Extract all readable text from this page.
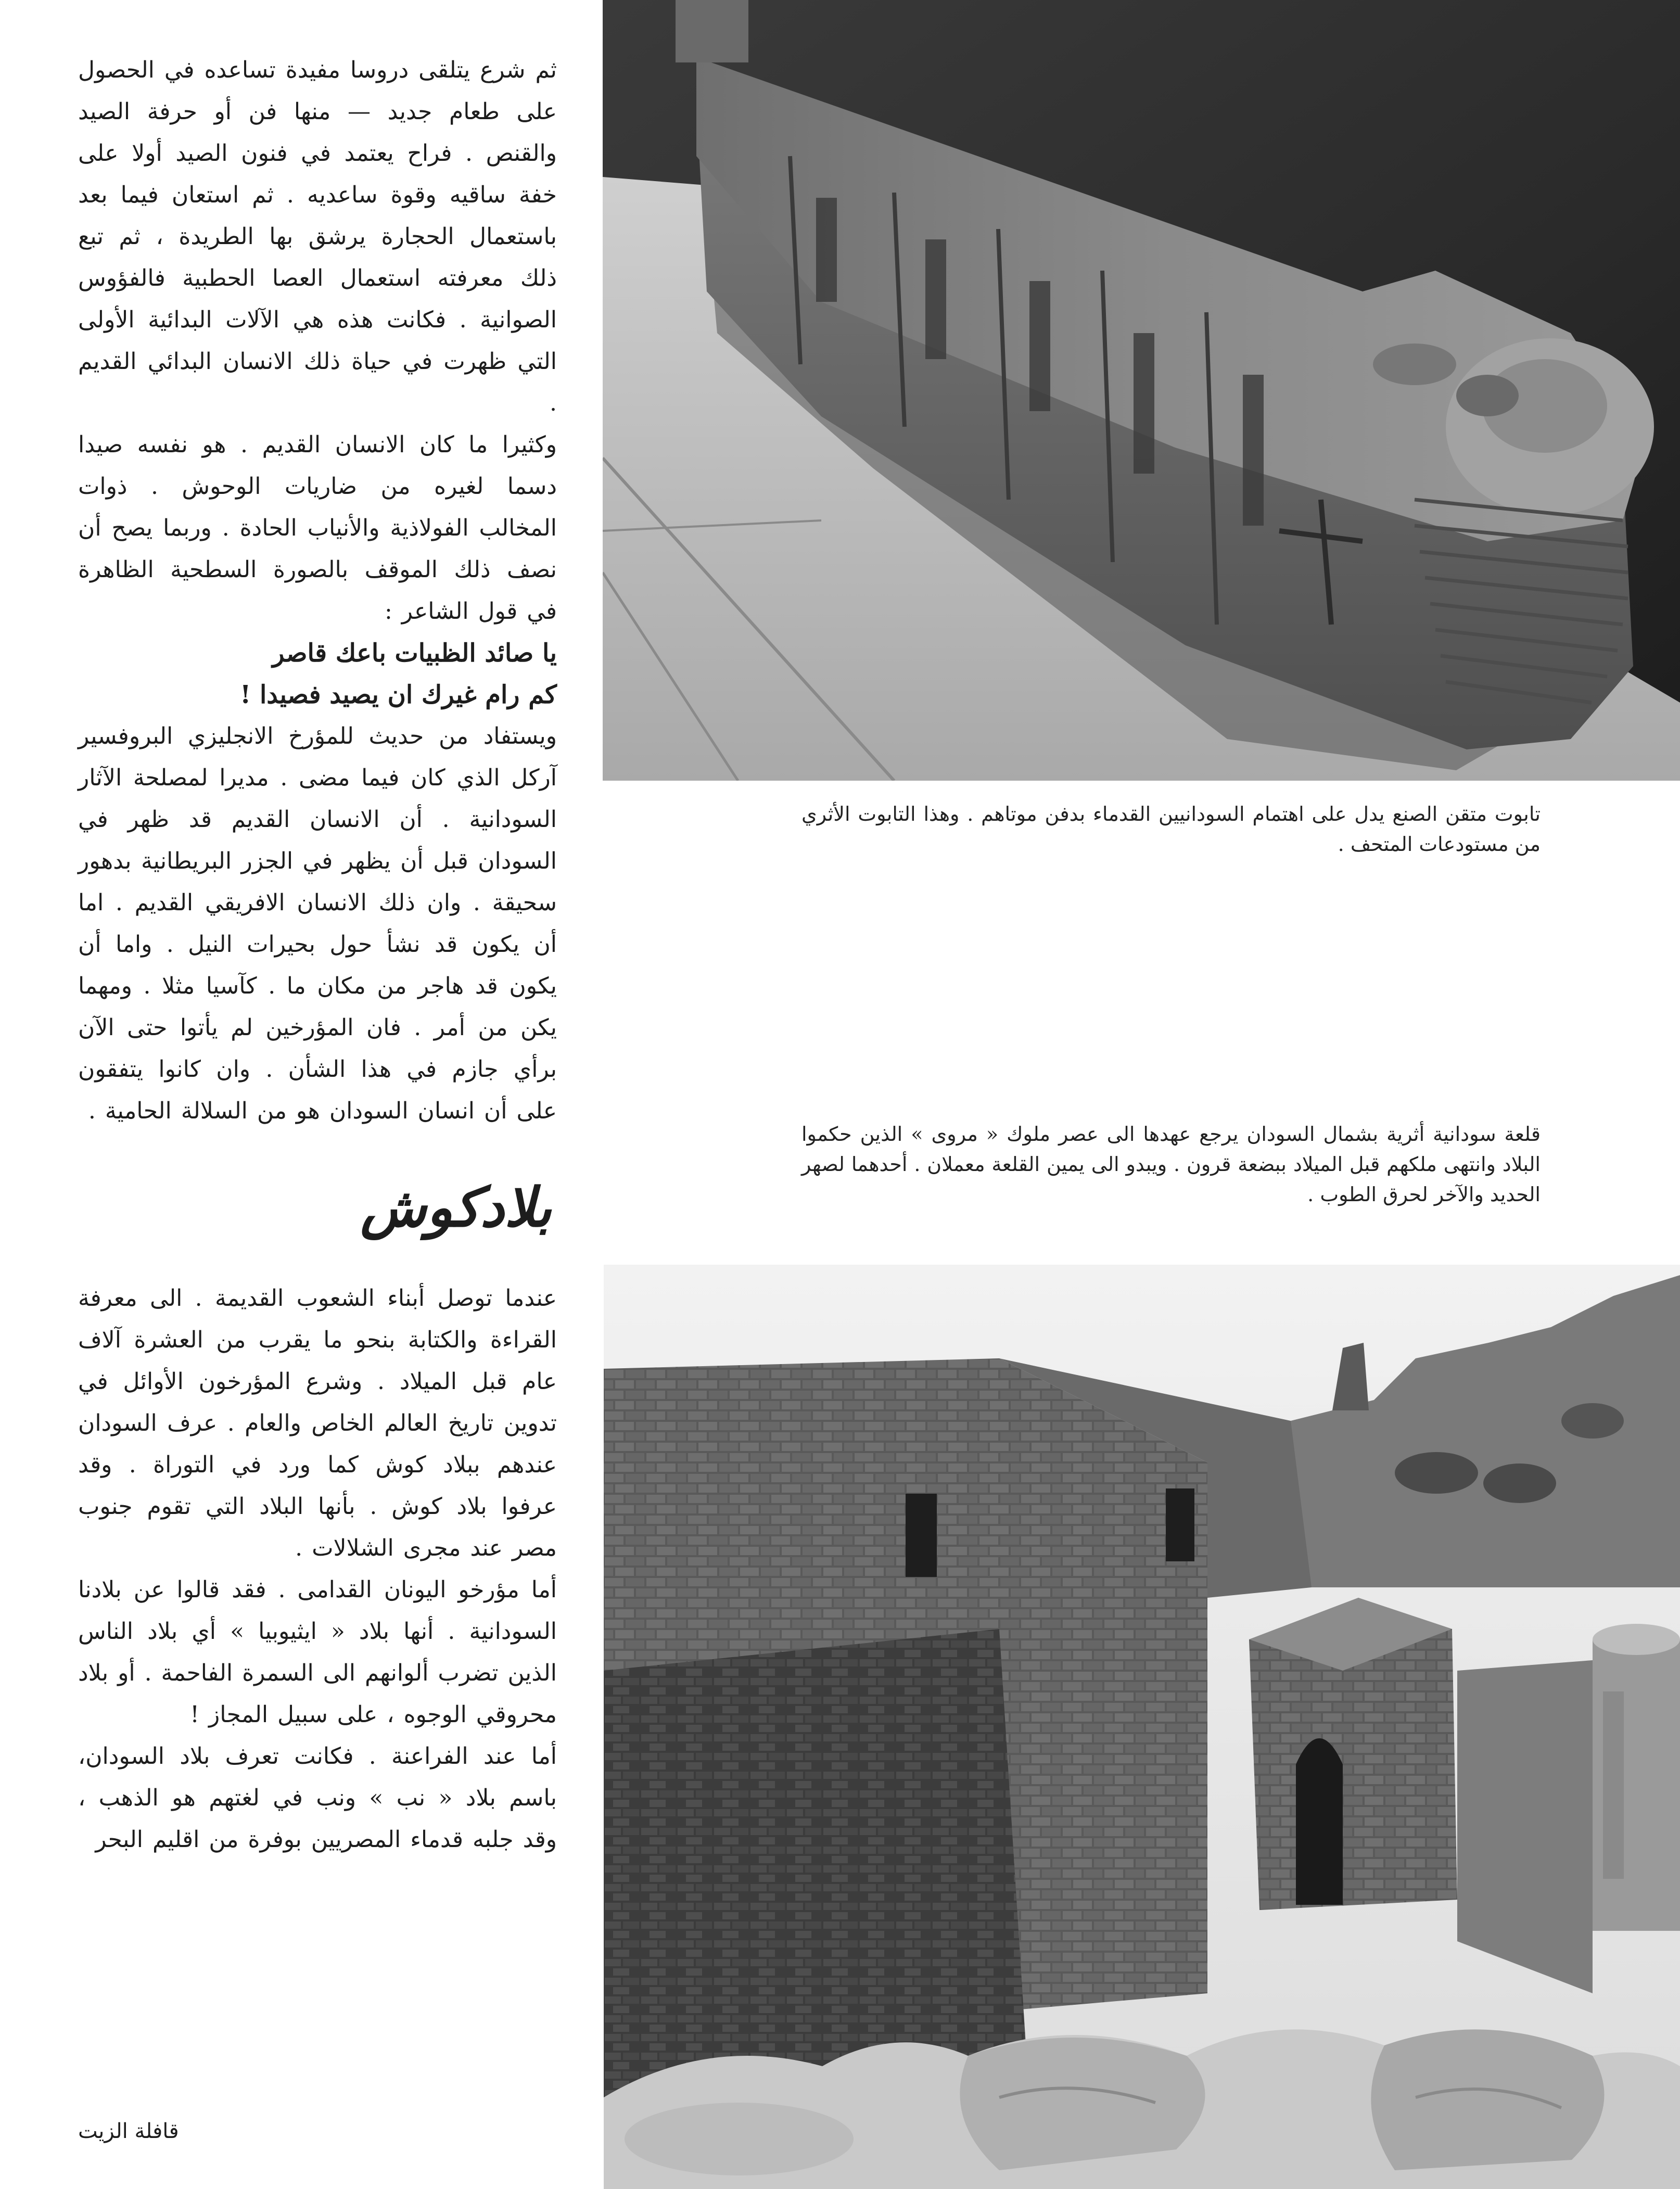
ثم شرع يتلقى دروسا مفيدة تساعده في الحصول على طعام جديد — منها فن أو حرفة الصيد والقنص . فراح يعتمد في فنون الصيد أولا على خفة ساقيه وقوة ساعديه . ثم استعان فيما بعد باستعمال الحجارة يرشق بها الطريدة ، ثم تبع ذلك معرفته استعمال العصا الحطبية فالفؤوس الصوانية . فكانت هذه هي الآلات البدائية الأولى التي ظهرت في حياة ذلك الانسان البدائي القديم .

وكثيرا ما كان الانسان القديم . هو نفسه صيدا دسما لغيره من ضاريات الوحوش . ذوات المخالب الفولاذية والأنياب الحادة . وربما يصح أن نصف ذلك الموقف بالصورة السطحية الظاهرة في قول الشاعر :

يا صائد الظبيات باعك قاصر

كم رام غيرك ان يصيد فصيدا !

ويستفاد من حديث للمؤرخ الانجليزي البروفسير آركل الذي كان فيما مضى . مديرا لمصلحة الآثار السودانية . أن الانسان القديم قد ظهر في السودان قبل أن يظهر في الجزر البريطانية بدهور سحيقة . وان ذلك الانسان الافريقي القديم . اما أن يكون قد نشأ حول بحيرات النيل . واما أن يكون قد هاجر من مكان ما . كآسيا مثلا . ومهما يكن من أمر . فان المؤرخين لم يأتوا حتى الآن برأي جازم في هذا الشأن . وان كانوا يتفقون على أن انسان السودان هو من السلالة الحامية .

بلادكوش

عندما توصل أبناء الشعوب القديمة . الى معرفة القراءة والكتابة بنحو ما يقرب من العشرة آلاف عام قبل الميلاد . وشرع المؤرخون الأوائل في تدوين تاريخ العالم الخاص والعام . عرف السودان عندهم ببلاد كوش كما ورد في التوراة . وقد عرفوا بلاد كوش . بأنها البلاد التي تقوم جنوب مصر عند مجرى الشلالات .

أما مؤرخو اليونان القدامى . فقد قالوا عن بلادنا السودانية . أنها بلاد « ايثيوبيا » أي بلاد الناس الذين تضرب ألوانهم الى السمرة الفاحمة . أو بلاد محروقي الوجوه ، على سبيل المجاز !

أما عند الفراعنة . فكانت تعرف بلاد السودان، باسم بلاد « نب » ونب في لغتهم هو الذهب ، وقد جلبه قدماء المصريين بوفرة من اقليم البحر

قافلة الزيت
تابوت متقن الصنع يدل على اهتمام السودانيين القدماء بدفن موتاهم . وهذا التابوت الأثري من مستودعات المتحف .
قلعة سودانية أثرية بشمال السودان يرجع عهدها الى عصر ملوك « مروى » الذين حكموا البلاد وانتهى ملكهم قبل الميلاد ببضعة قرون . ويبدو الى يمين القلعة معملان . أحدهما لصهر الحديد والآخر لحرق الطوب .
